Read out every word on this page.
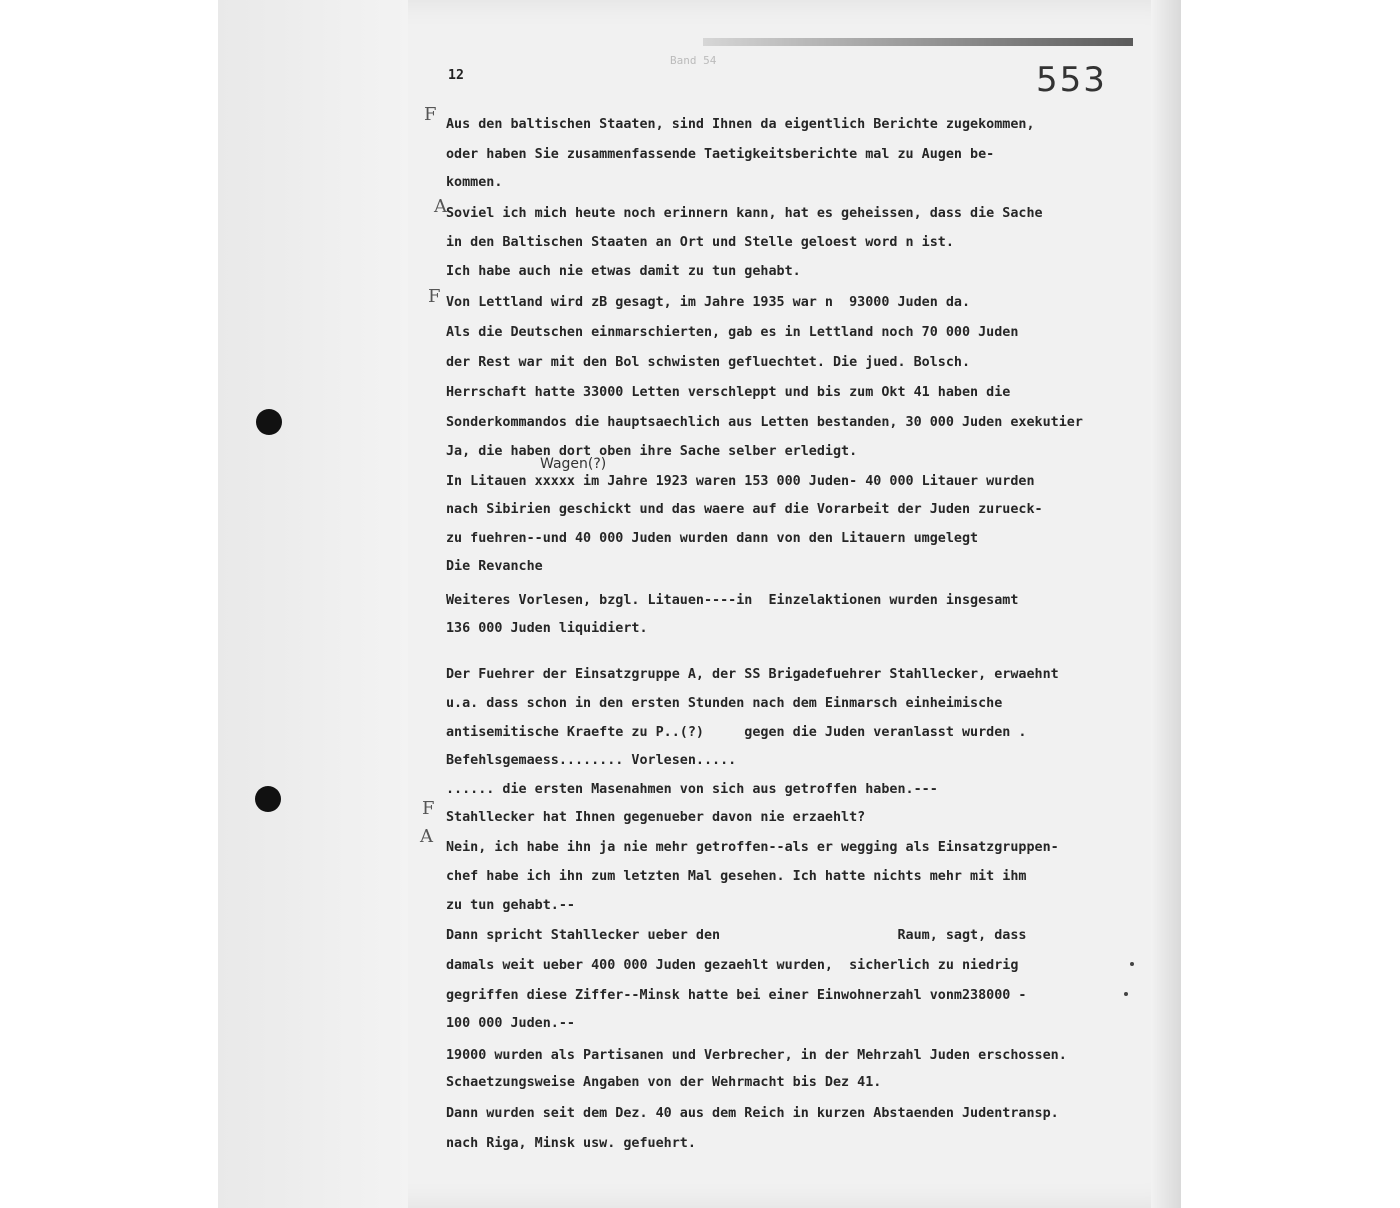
12
Band 54	553
F
A
F
F
A
Wagen(?)
Aus den baltischen Staaten, sind Ihnen da eigentlich Berichte zugekommen,
oder haben Sie zusammenfassende Taetigkeitsberichte mal zu Augen be-
kommen.
Soviel ich mich heute noch erinnern kann, hat es geheissen, dass die Sache
in den Baltischen Staaten an Ort und Stelle geloest word n ist.
Ich habe auch nie etwas damit zu tun gehabt.
Von Lettland wird zB gesagt, im Jahre 1935 war n  93000 Juden da.
Als die Deutschen einmarschierten, gab es in Lettland noch 70 000 Juden
der Rest war mit den Bol schwisten gefluechtet. Die jued. Bolsch.
Herrschaft hatte 33000 Letten verschleppt und bis zum Okt 41 haben die
Sonderkommandos die hauptsaechlich aus Letten bestanden, 30 000 Juden exekutier
Ja, die haben dort oben ihre Sache selber erledigt.
In Litauen xxxxx im Jahre 1923 waren 153 000 Juden- 40 000 Litauer wurden
nach Sibirien geschickt und das waere auf die Vorarbeit der Juden zurueck-
zu fuehren--und 40 000 Juden wurden dann von den Litauern umgelegt
Die Revanche
Weiteres Vorlesen, bzgl. Litauen----in  Einzelaktionen wurden insgesamt
136 000 Juden liquidiert.
Der Fuehrer der Einsatzgruppe A, der SS Brigadefuehrer Stahllecker, erwaehnt
u.a. dass schon in den ersten Stunden nach dem Einmarsch einheimische
antisemitische Kraefte zu P..(?)     gegen die Juden veranlasst wurden .
Befehlsgemaess........ Vorlesen.....
...... die ersten Masenahmen von sich aus getroffen haben.---
Stahllecker hat Ihnen gegenueber davon nie erzaehlt?
Nein, ich habe ihn ja nie mehr getroffen--als er wegging als Einsatzgruppen-
chef habe ich ihn zum letzten Mal gesehen. Ich hatte nichts mehr mit ihm
zu tun gehabt.--
Dann spricht Stahllecker ueber den                      Raum, sagt, dass
damals weit ueber 400 000 Juden gezaehlt wurden,  sicherlich zu niedrig
gegriffen diese Ziffer--Minsk hatte bei einer Einwohnerzahl vonm238000 -
100 000 Juden.--
19000 wurden als Partisanen und Verbrecher, in der Mehrzahl Juden erschossen.
Schaetzungsweise Angaben von der Wehrmacht bis Dez 41.
Dann wurden seit dem Dez. 40 aus dem Reich in kurzen Abstaenden Judentransp.
nach Riga, Minsk usw. gefuehrt.
